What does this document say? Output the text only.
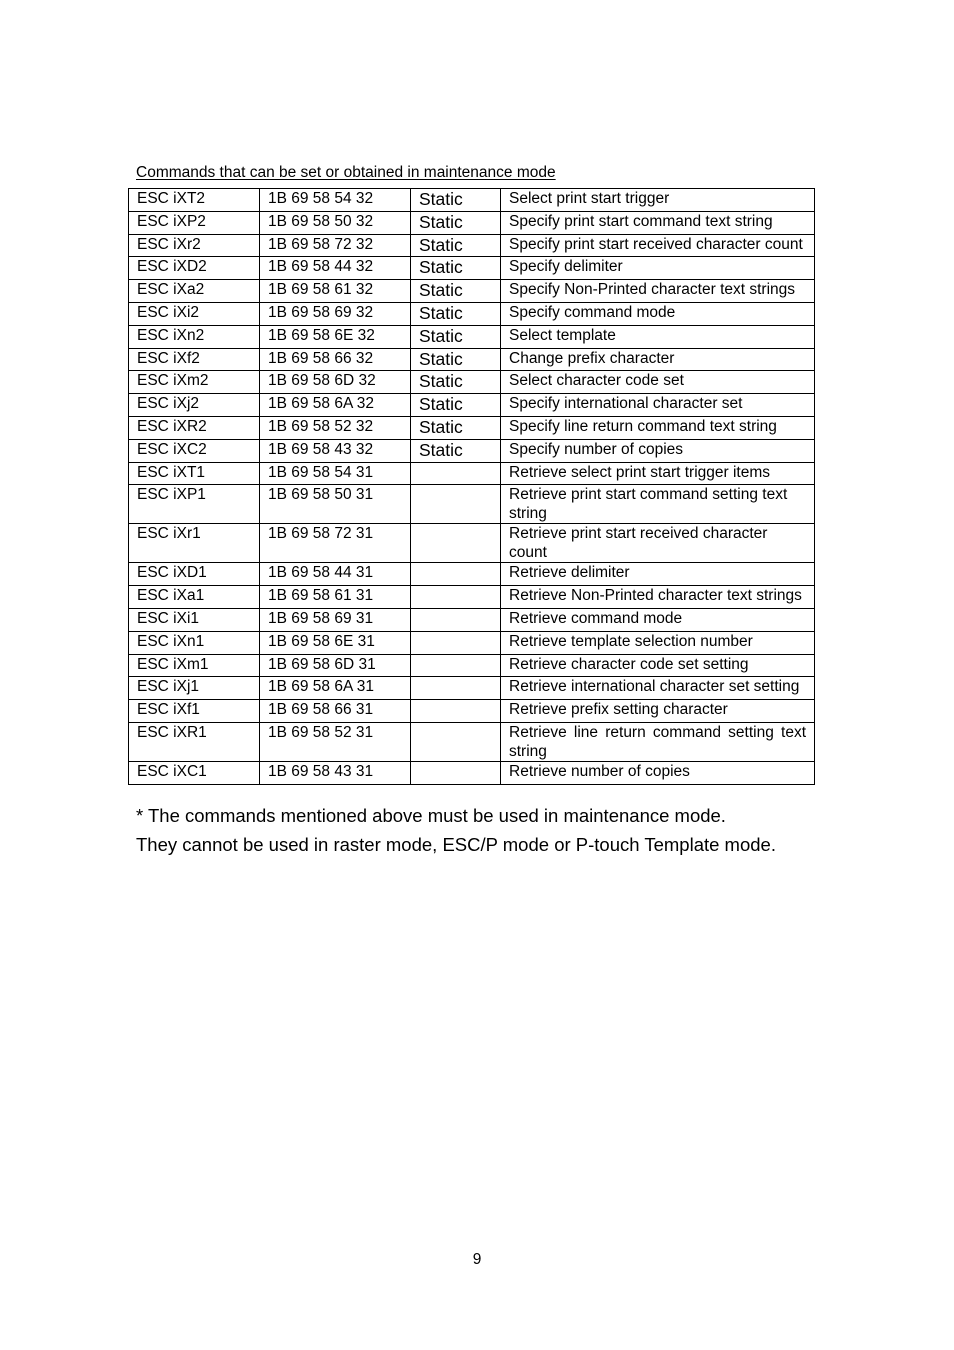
Commands that can be set or obtained in maintenance mode
ESC iXT2	1B 69 58 54 32	Static	Select print start trigger
ESC iXP2	1B 69 58 50 32	Static	Specify print start command text string
ESC iXr2	1B 69 58 72 32	Static	Specify print start received character count
ESC iXD2	1B 69 58 44 32	Static	Specify delimiter
ESC iXa2	1B 69 58 61 32	Static	Specify Non-Printed character text strings
ESC iXi2	1B 69 58 69 32	Static	Specify command mode
ESC iXn2	1B 69 58 6E 32	Static	Select template
ESC iXf2	1B 69 58 66 32	Static	Change prefix character
ESC iXm2	1B 69 58 6D 32	Static	Select character code set
ESC iXj2	1B 69 58 6A 32	Static	Specify international character set
ESC iXR2	1B 69 58 52 32	Static	Specify line return command text string
ESC iXC2	1B 69 58 43 32	Static	Specify number of copies
ESC iXT1	1B 69 58 54 31		Retrieve select print start trigger items
ESC iXP1	1B 69 58 50 31		Retrieve print start command setting text string
ESC iXr1	1B 69 58 72 31		Retrieve print start received character count
ESC iXD1	1B 69 58 44 31		Retrieve delimiter
ESC iXa1	1B 69 58 61 31		Retrieve Non-Printed character text strings
ESC iXi1	1B 69 58 69 31		Retrieve command mode
ESC iXn1	1B 69 58 6E 31		Retrieve template selection number
ESC iXm1	1B 69 58 6D 31		Retrieve character code set setting
ESC iXj1	1B 69 58 6A 31		Retrieve international character set setting
ESC iXf1	1B 69 58 66 31		Retrieve prefix setting character
ESC iXR1	1B 69 58 52 31		Retrieve line return command setting text string
ESC iXC1	1B 69 58 43 31		Retrieve number of copies
* The commands mentioned above must be used in maintenance mode.
They cannot be used in raster mode, ESC/P mode or P-touch Template mode.
9
